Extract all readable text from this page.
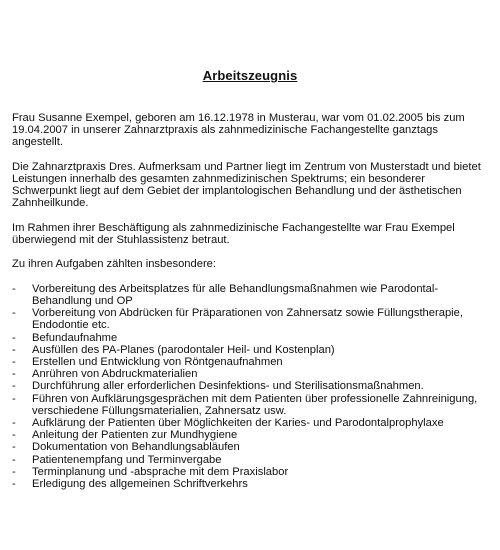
Arbeitszeugnis

Frau Susanne Exempel, geboren am 16.12.1978 in Musterau, war vom 01.02.2005 bis zum 19.04.2007 in unserer Zahnarztpraxis als zahnmedizinische Fachangestellte ganztags angestellt.

Die Zahnarztpraxis Dres. Aufmerksam und Partner liegt im Zentrum von Musterstadt und bietet Leistungen innerhalb des gesamten zahnmedizinischen Spektrums; ein besonderer Schwerpunkt liegt auf dem Gebiet der implantologischen Behandlung und der ästhetischen Zahnheilkunde.

Im Rahmen ihrer Beschäftigung als zahnmedizinische Fachangestellte war Frau Exempel überwiegend mit der Stuhlassistenz betraut.

Zu ihren Aufgaben zählten insbesondere:

- Vorbereitung des Arbeitsplatzes für alle Behandlungsmaßnahmen wie Parodontal-Behandlung und OP
- Vorbereitung von Abdrücken für Präparationen von Zahnersatz sowie Füllungstherapie, Endodontie etc.
- Befundaufnahme
- Ausfüllen des PA-Planes (parodontaler Heil- und Kostenplan)
- Erstellen und Entwicklung von Röntgenaufnahmen
- Anrühren von Abdruckmaterialien
- Durchführung aller erforderlichen Desinfektions- und Sterilisationsmaßnahmen.
- Führen von Aufklärungsgesprächen mit dem Patienten über professionelle Zahnreinigung, verschiedene Füllungsmaterialien, Zahnersatz usw.
- Aufklärung der Patienten über Möglichkeiten der Karies- und Parodontalprophylaxe
- Anleitung der Patienten zur Mundhygiene
- Dokumentation von Behandlungsabläufen
- Patientenempfang und Terminvergabe
- Terminplanung und -absprache mit dem Praxislabor
- Erledigung des allgemeinen Schriftverkehrs
